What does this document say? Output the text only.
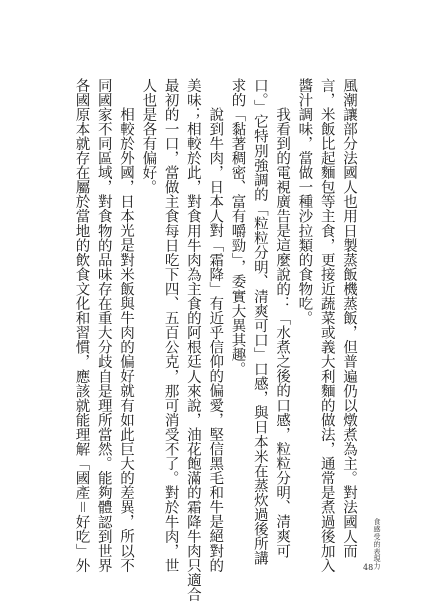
風潮讓部分法國人也用日製蒸飯機蒸飯，但普遍仍以燉煮為主。對法國人而
言，米飯比起麵包等主食，更接近蔬菜或義大利麵的做法，通常是煮過後加入
醬汁調味，當做一種沙拉類的食物吃。

我看到的電視廣告是這麼說的：「水煮之後的口感，粒粒分明、清爽可
口。」它特別強調的「粒粒分明、清爽可口」口感，與日本米在蒸炊過後所講
求的「黏著稠密、富有嚼勁」，委實大異其趣。

說到牛肉，日本人對「霜降」有近乎信仰的偏愛，堅信黑毛和牛是絕對的
美味；相較於此，對食用牛肉為主食的阿根廷人來說，油花飽滿的霜降牛肉只適合
最初的一口，當做主食每日吃下四、五百公克，那可消受不了。對於牛肉，世
人也是各有偏好。

相較於外國，日本光是對米飯與牛肉的偏好就有如此巨大的差異，所以不
同國家不同區域，對食物的品味存在重大分歧自是理所當然。能夠體認到世界
各國原本就存在屬於當地的飲食文化和習慣，應該就能理解「國產＝好吃」外	食感受的表現力
48
